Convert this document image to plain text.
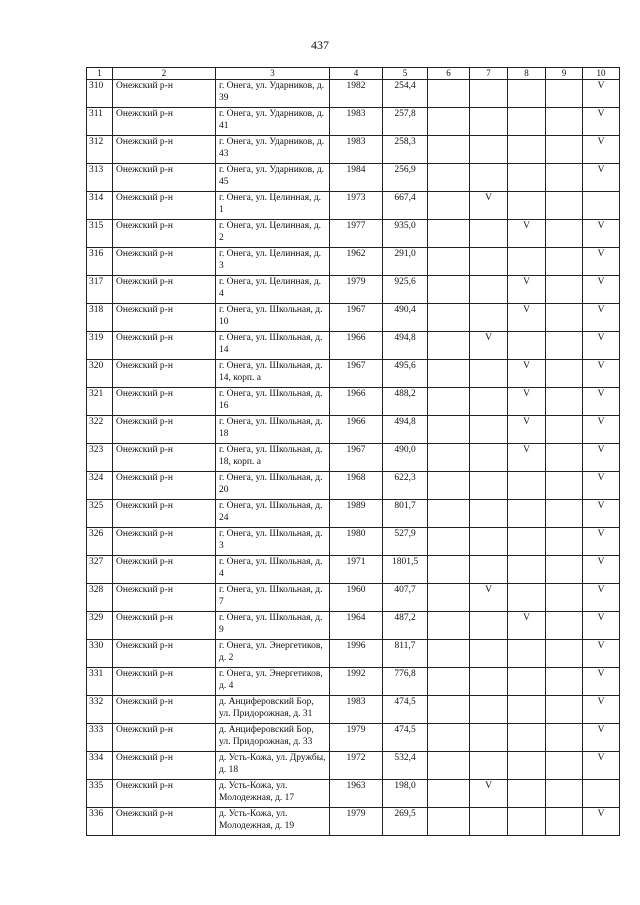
437
1	2	3	4	5	6	7	8	9	10
310	Онежский р-н	г. Онега, ул. Ударников, д. 39	1982	254,4					V
311	Онежский р-н	г. Онега, ул. Ударников, д. 41	1983	257,8					V
312	Онежский р-н	г. Онега, ул. Ударников, д. 43	1983	258,3					V
313	Онежский р-н	г. Онега, ул. Ударников, д. 45	1984	256,9					V
314	Онежский р-н	г. Онега, ул. Целинная, д. 1	1973	667,4		V			
315	Онежский р-н	г. Онега, ул. Целинная, д. 2	1977	935,0			V		V
316	Онежский р-н	г. Онега, ул. Целинная, д. 3	1962	291,0					V
317	Онежский р-н	г. Онега, ул. Целинная, д. 4	1979	925,6			V		V
318	Онежский р-н	г. Онега, ул. Школьная, д. 10	1967	490,4			V		V
319	Онежский р-н	г. Онега, ул. Школьная, д. 14	1966	494,8		V			V
320	Онежский р-н	г. Онега, ул. Школьная, д. 14, корп. а	1967	495,6			V		V
321	Онежский р-н	г. Онега, ул. Школьная, д. 16	1966	488,2			V		V
322	Онежский р-н	г. Онега, ул. Школьная, д. 18	1966	494,8			V		V
323	Онежский р-н	г. Онега, ул. Школьная, д. 18, корп. а	1967	490,0			V		V
324	Онежский р-н	г. Онега, ул. Школьная, д. 20	1968	622,3					V
325	Онежский р-н	г. Онега, ул. Школьная, д. 24	1989	801,7					V
326	Онежский р-н	г. Онега, ул. Школьная, д. 3	1980	527,9					V
327	Онежский р-н	г. Онега, ул. Школьная, д. 4	1971	1801,5					V
328	Онежский р-н	г. Онега, ул. Школьная, д. 7	1960	407,7		V			V
329	Онежский р-н	г. Онега, ул. Школьная, д. 9	1964	487,2			V		V
330	Онежский р-н	г. Онега, ул. Энергетиков, д. 2	1996	811,7					V
331	Онежский р-н	г. Онега, ул. Энергетиков, д. 4	1992	776,8					V
332	Онежский р-н	д. Анциферовский Бор, ул. Придорожная, д. 31	1983	474,5					V
333	Онежский р-н	д. Анциферовский Бор, ул. Придорожная, д. 33	1979	474,5					V
334	Онежский р-н	д. Усть-Кожа, ул. Дружбы, д. 18	1972	532,4					V
335	Онежский р-н	д. Усть-Кожа, ул. Молодежная, д. 17	1963	198,0		V			
336	Онежский р-н	д. Усть-Кожа, ул. Молодежная, д. 19	1979	269,5					V
